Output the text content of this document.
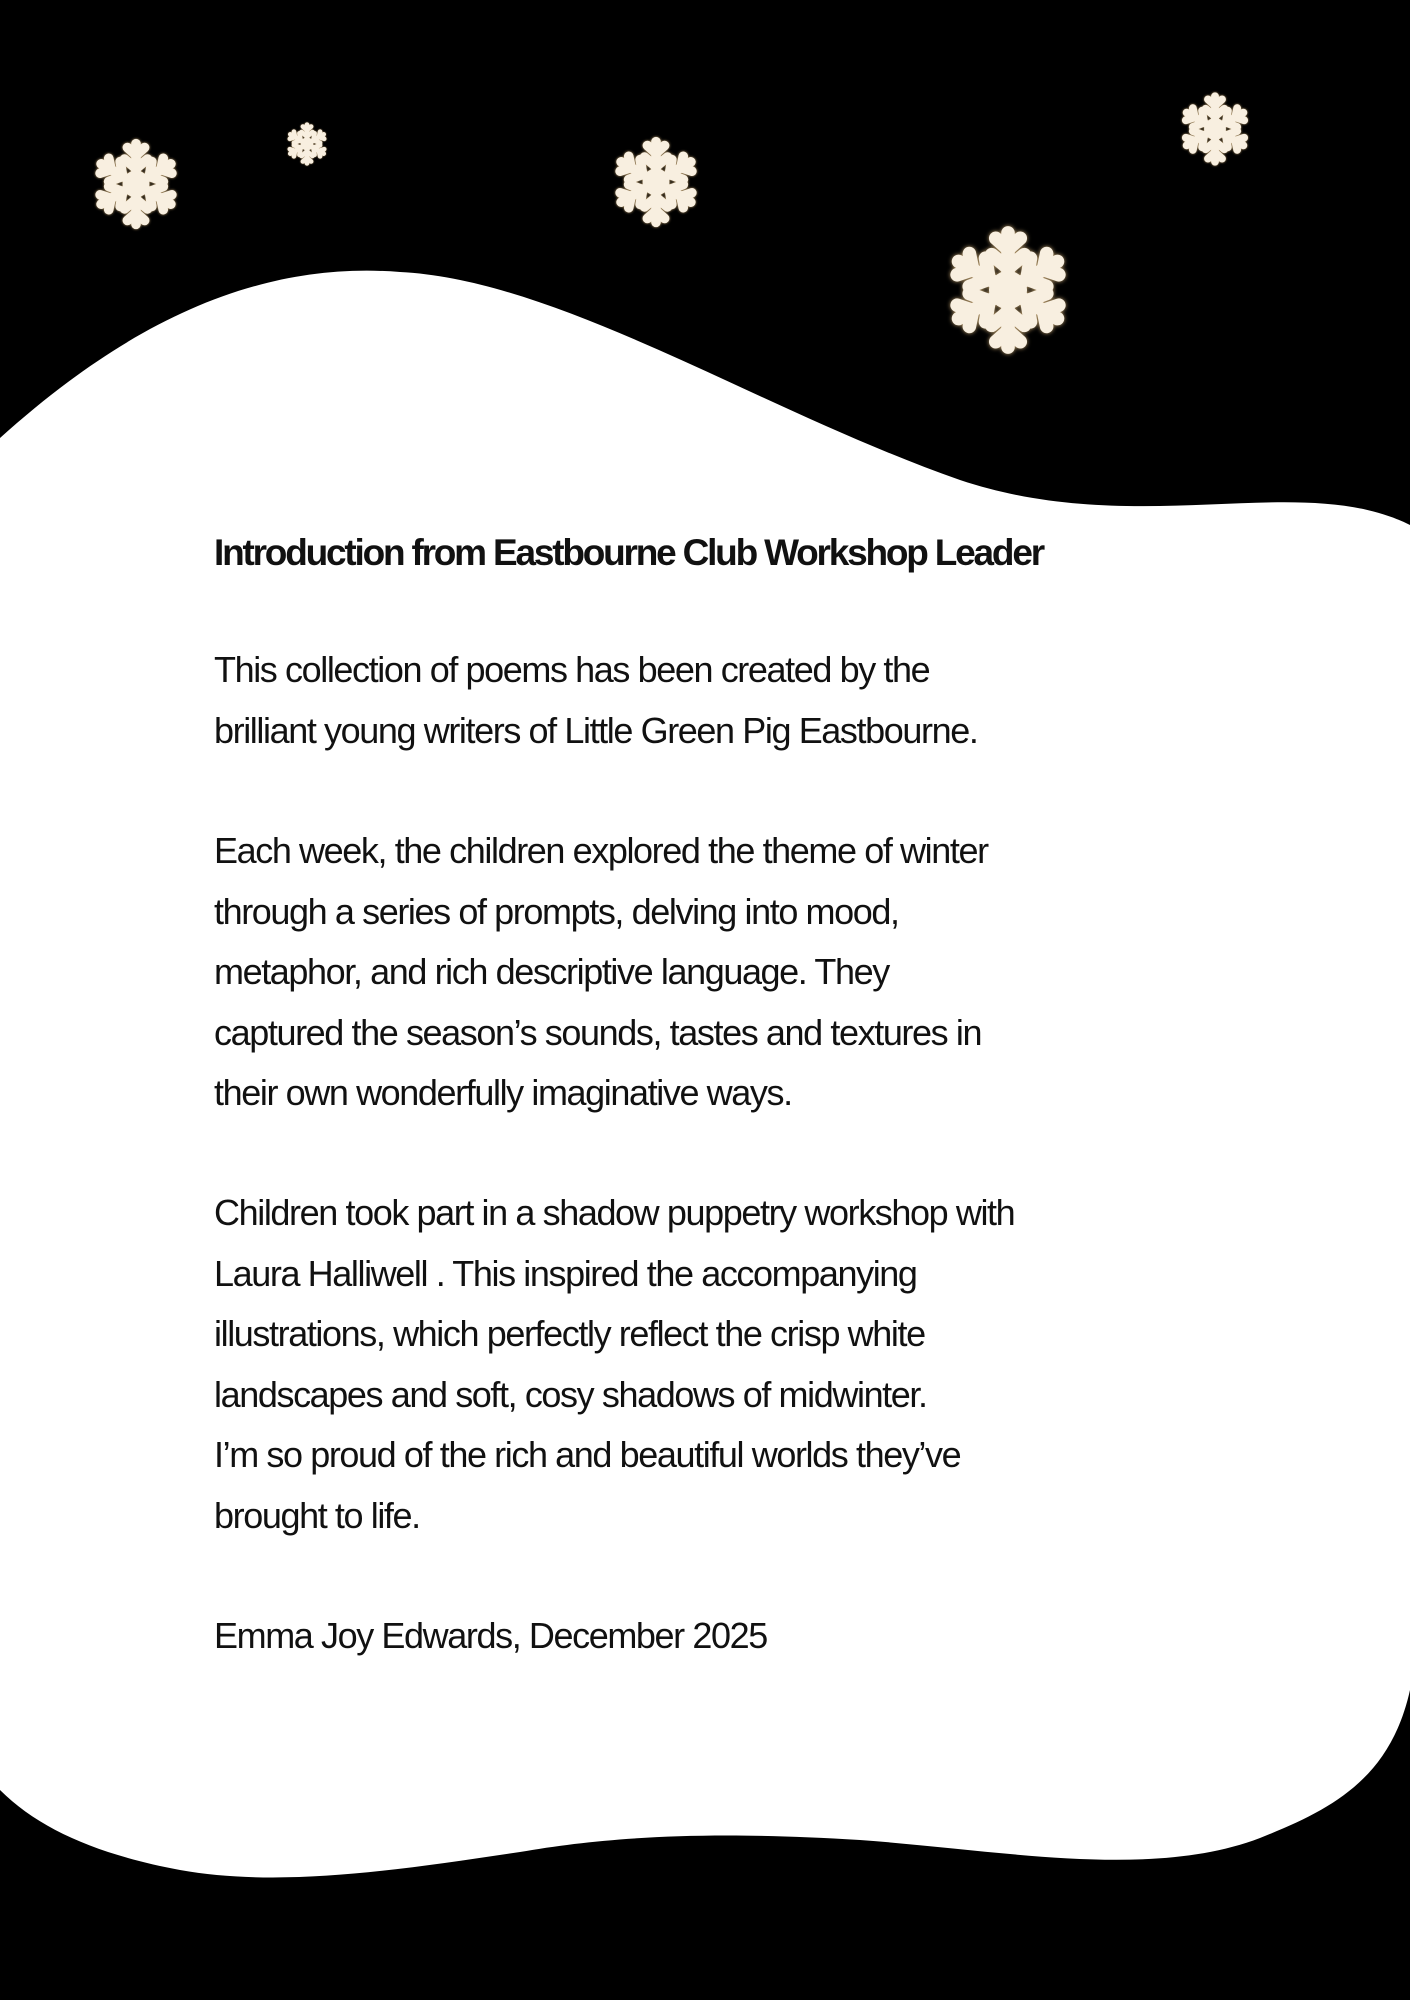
Introduction from Eastbourne Club Workshop Leader

This collection of poems has been created by the
brilliant young writers of Little Green Pig Eastbourne.

Each week, the children explored the theme of winter
through a series of prompts, delving into mood,
metaphor, and rich descriptive language. They
captured the season’s sounds, tastes and textures in
their own wonderfully imaginative ways.

Children took part in a shadow puppetry workshop with
Laura Halliwell . This inspired the accompanying
illustrations, which perfectly reflect the crisp white
landscapes and soft, cosy shadows of midwinter.
I’m so proud of the rich and beautiful worlds they’ve
brought to life.

Emma Joy Edwards, December 2025
